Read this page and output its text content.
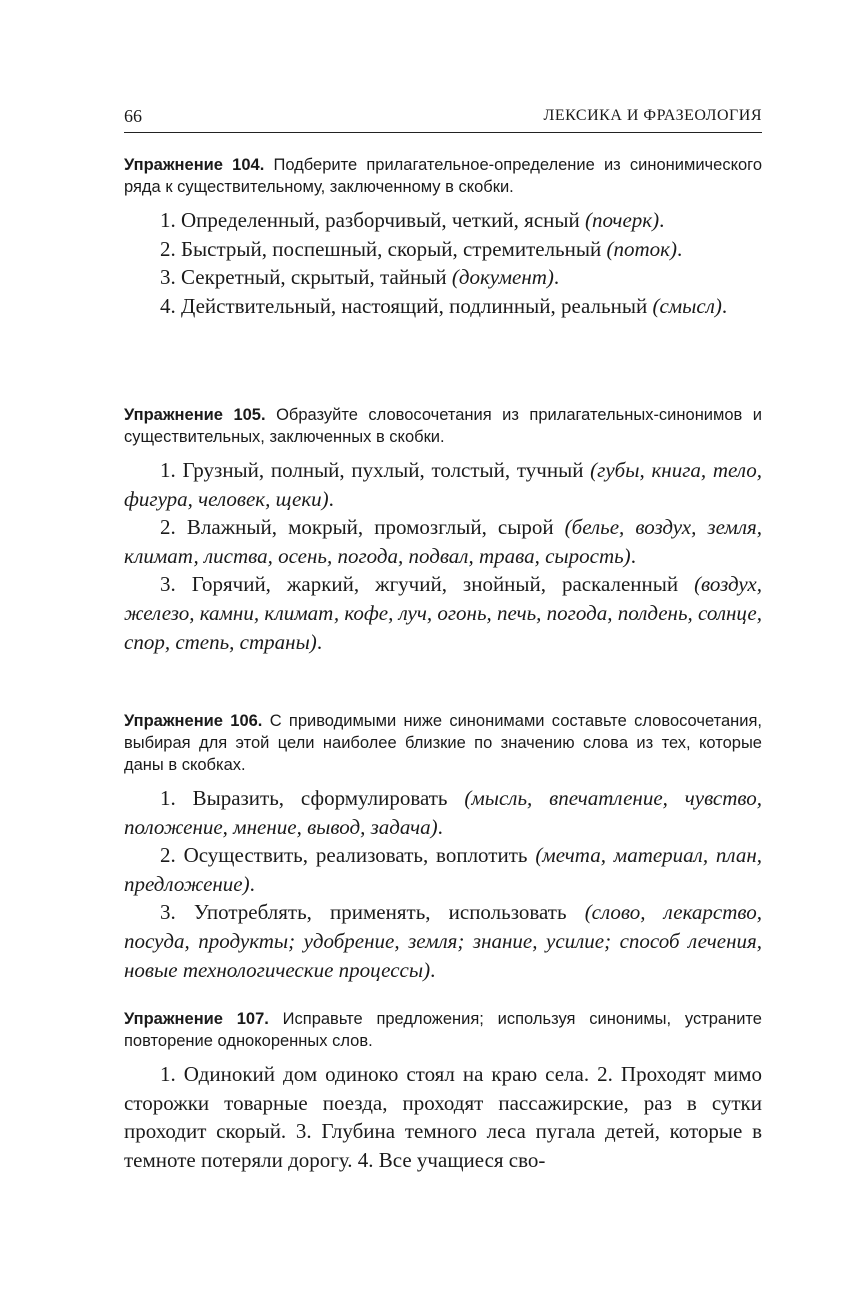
66	ЛЕКСИКА И ФРАЗЕОЛОГИЯ

Упражнение 104. Подберите прилагательное-определение из синонимического ряда к существительному, заключенному в скобки.

1. Определенный, разборчивый, четкий, ясный (почерк).

2. Быстрый, поспешный, скорый, стремительный (поток).

3. Секретный, скрытый, тайный (документ).

4. Действительный, настоящий, подлинный, реальный (смысл).

Упражнение 105. Образуйте словосочетания из прилагательных-синонимов и существительных, заключенных в скобки.

1. Грузный, полный, пухлый, толстый, тучный (губы, книга, тело, фигура, человек, щеки).

2. Влажный, мокрый, промозглый, сырой (белье, воздух, земля, климат, листва, осень, погода, подвал, трава, сырость).

3. Горячий, жаркий, жгучий, знойный, раскаленный (воздух, железо, камни, климат, кофе, луч, огонь, печь, погода, полдень, солнце, спор, степь, страны).

Упражнение 106. С приводимыми ниже синонимами составьте словосочетания, выбирая для этой цели наиболее близкие по значению слова из тех, которые даны в скобках.

1. Выразить, сформулировать (мысль, впечатление, чувство, положение, мнение, вывод, задача).

2. Осуществить, реализовать, воплотить (мечта, материал, план, предложение).

3. Употреблять, применять, использовать (слово, лекарство, посуда, продукты; удобрение, земля; знание, усилие; способ лечения, новые технологические процессы).

Упражнение 107. Исправьте предложения; используя синонимы, устраните повторение однокоренных слов.

1. Одинокий дом одиноко стоял на краю села. 2. Проходят мимо сторожки товарные поезда, проходят пассажирские, раз в сутки проходит скорый. 3. Глубина темного леса пугала детей, которые в темноте потеряли дорогу. 4. Все учащиеся сво-
